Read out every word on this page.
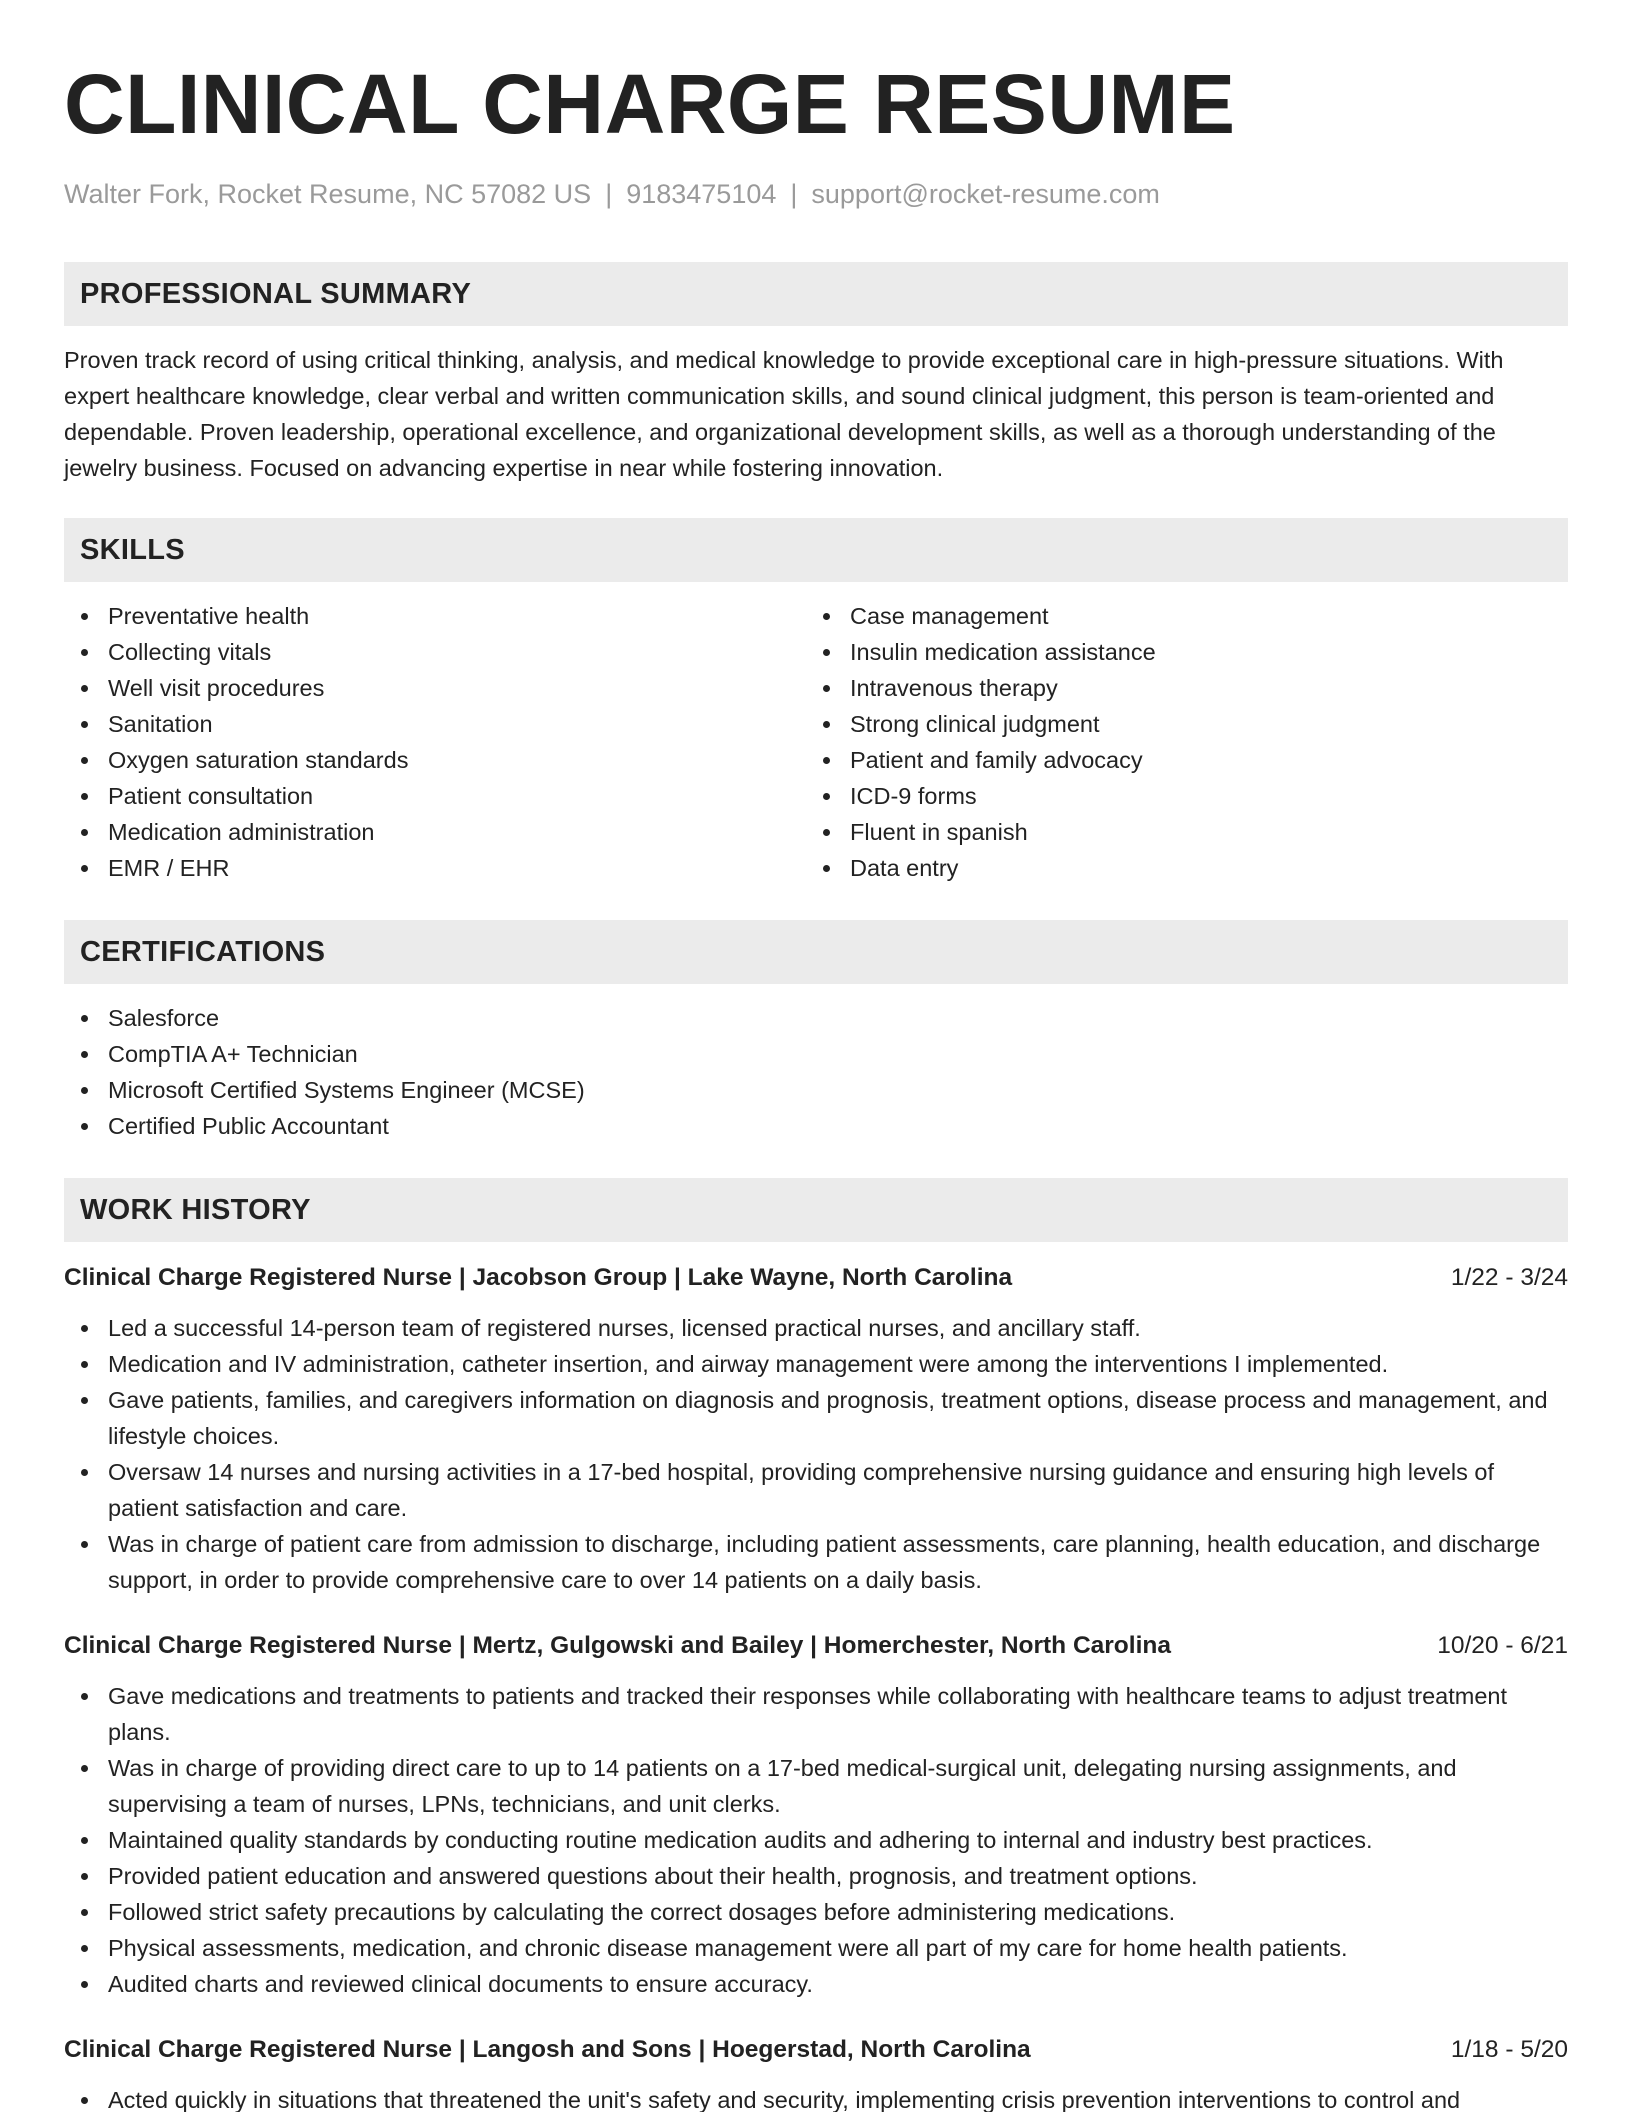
CLINICAL CHARGE RESUME
Walter Fork, Rocket Resume, NC 57082 US | 9183475104 | support@rocket-resume.com
PROFESSIONAL SUMMARY

Proven track record of using critical thinking, analysis, and medical knowledge to provide exceptional care in high-pressure situations. With expert healthcare knowledge, clear verbal and written communication skills, and sound clinical judgment, this person is team-oriented and dependable. Proven leadership, operational excellence, and organizational development skills, as well as a thorough understanding of the jewelry business. Focused on advancing expertise in near while fostering innovation.

SKILLS
Preventative health
Collecting vitals
Well visit procedures
Sanitation
Oxygen saturation standards
Patient consultation
Medication administration
EMR / EHR
Case management
Insulin medication assistance
Intravenous therapy
Strong clinical judgment
Patient and family advocacy
ICD-9 forms
Fluent in spanish
Data entry
CERTIFICATIONS
Salesforce
CompTIA A+ Technician
Microsoft Certified Systems Engineer (MCSE)
Certified Public Accountant
WORK HISTORY
Clinical Charge Registered Nurse | Jacobson Group | Lake Wayne, North Carolina	1/22 - 3/24
Led a successful 14-person team of registered nurses, licensed practical nurses, and ancillary staff.
Medication and IV administration, catheter insertion, and airway management were among the interventions I implemented.
Gave patients, families, and caregivers information on diagnosis and prognosis, treatment options, disease process and management, and lifestyle choices.
Oversaw 14 nurses and nursing activities in a 17-bed hospital, providing comprehensive nursing guidance and ensuring high levels of patient satisfaction and care.
Was in charge of patient care from admission to discharge, including patient assessments, care planning, health education, and discharge support, in order to provide comprehensive care to over 14 patients on a daily basis.
Clinical Charge Registered Nurse | Mertz, Gulgowski and Bailey | Homerchester, North Carolina	10/20 - 6/21
Gave medications and treatments to patients and tracked their responses while collaborating with healthcare teams to adjust treatment plans.
Was in charge of providing direct care to up to 14 patients on a 17-bed medical-surgical unit, delegating nursing assignments, and supervising a team of nurses, LPNs, technicians, and unit clerks.
Maintained quality standards by conducting routine medication audits and adhering to internal and industry best practices.
Provided patient education and answered questions about their health, prognosis, and treatment options.
Followed strict safety precautions by calculating the correct dosages before administering medications.
Physical assessments, medication, and chronic disease management were all part of my care for home health patients.
Audited charts and reviewed clinical documents to ensure accuracy.
Clinical Charge Registered Nurse | Langosh and Sons | Hoegerstad, North Carolina	1/18 - 5/20
Acted quickly in situations that threatened the unit's safety and security, implementing crisis prevention interventions to control and
